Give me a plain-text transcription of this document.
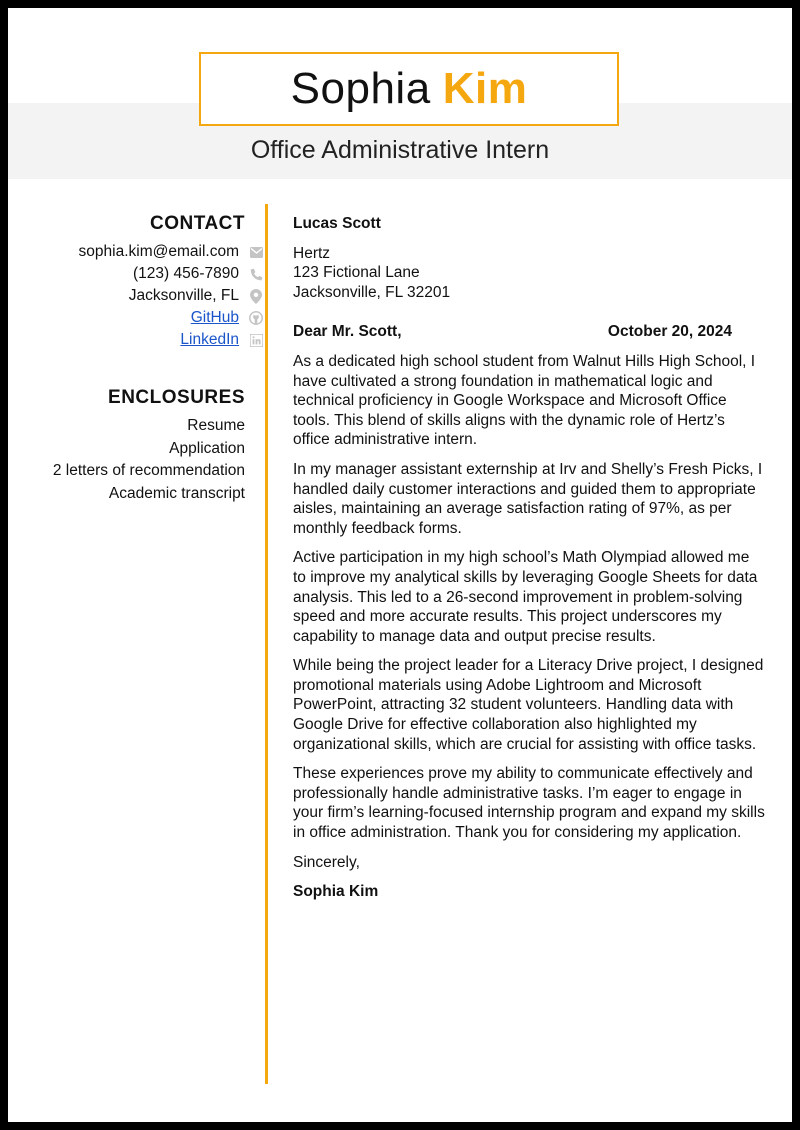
Sophia Kim
Office Administrative Intern
CONTACT
sophia.kim@email.com
(123) 456-7890
Jacksonville, FL
GitHub
LinkedIn
ENCLOSURES
Resume
Application
2 letters of recommendation
Academic transcript

Lucas Scott

Hertz

123 Fictional Lane

Jacksonville, FL 32201

Dear Mr. Scott,	October 20, 2024

As a dedicated high school student from Walnut Hills High School, I have cultivated a strong foundation in mathematical logic and technical proficiency in Google Workspace and Microsoft Office tools. This blend of skills aligns with the dynamic role of Hertz’s office administrative intern.

In my manager assistant externship at Irv and Shelly’s Fresh Picks, I handled daily customer interactions and guided them to appropriate aisles, maintaining an average satisfaction rating of 97%, as per monthly feedback forms.

Active participation in my high school’s Math Olympiad allowed me to improve my analytical skills by leveraging Google Sheets for data analysis. This led to a 26-second improvement in problem-solving speed and more accurate results. This project underscores my capability to manage data and output precise results.

While being the project leader for a Literacy Drive project, I designed promotional materials using Adobe Lightroom and Microsoft PowerPoint, attracting 32 student volunteers. Handling data with Google Drive for effective collaboration also highlighted my organizational skills, which are crucial for assisting with office tasks.

These experiences prove my ability to communicate effectively and professionally handle administrative tasks. I’m eager to engage in your firm’s learning-focused internship program and expand my skills in office administration. Thank you for considering my application.

Sincerely,

Sophia Kim
